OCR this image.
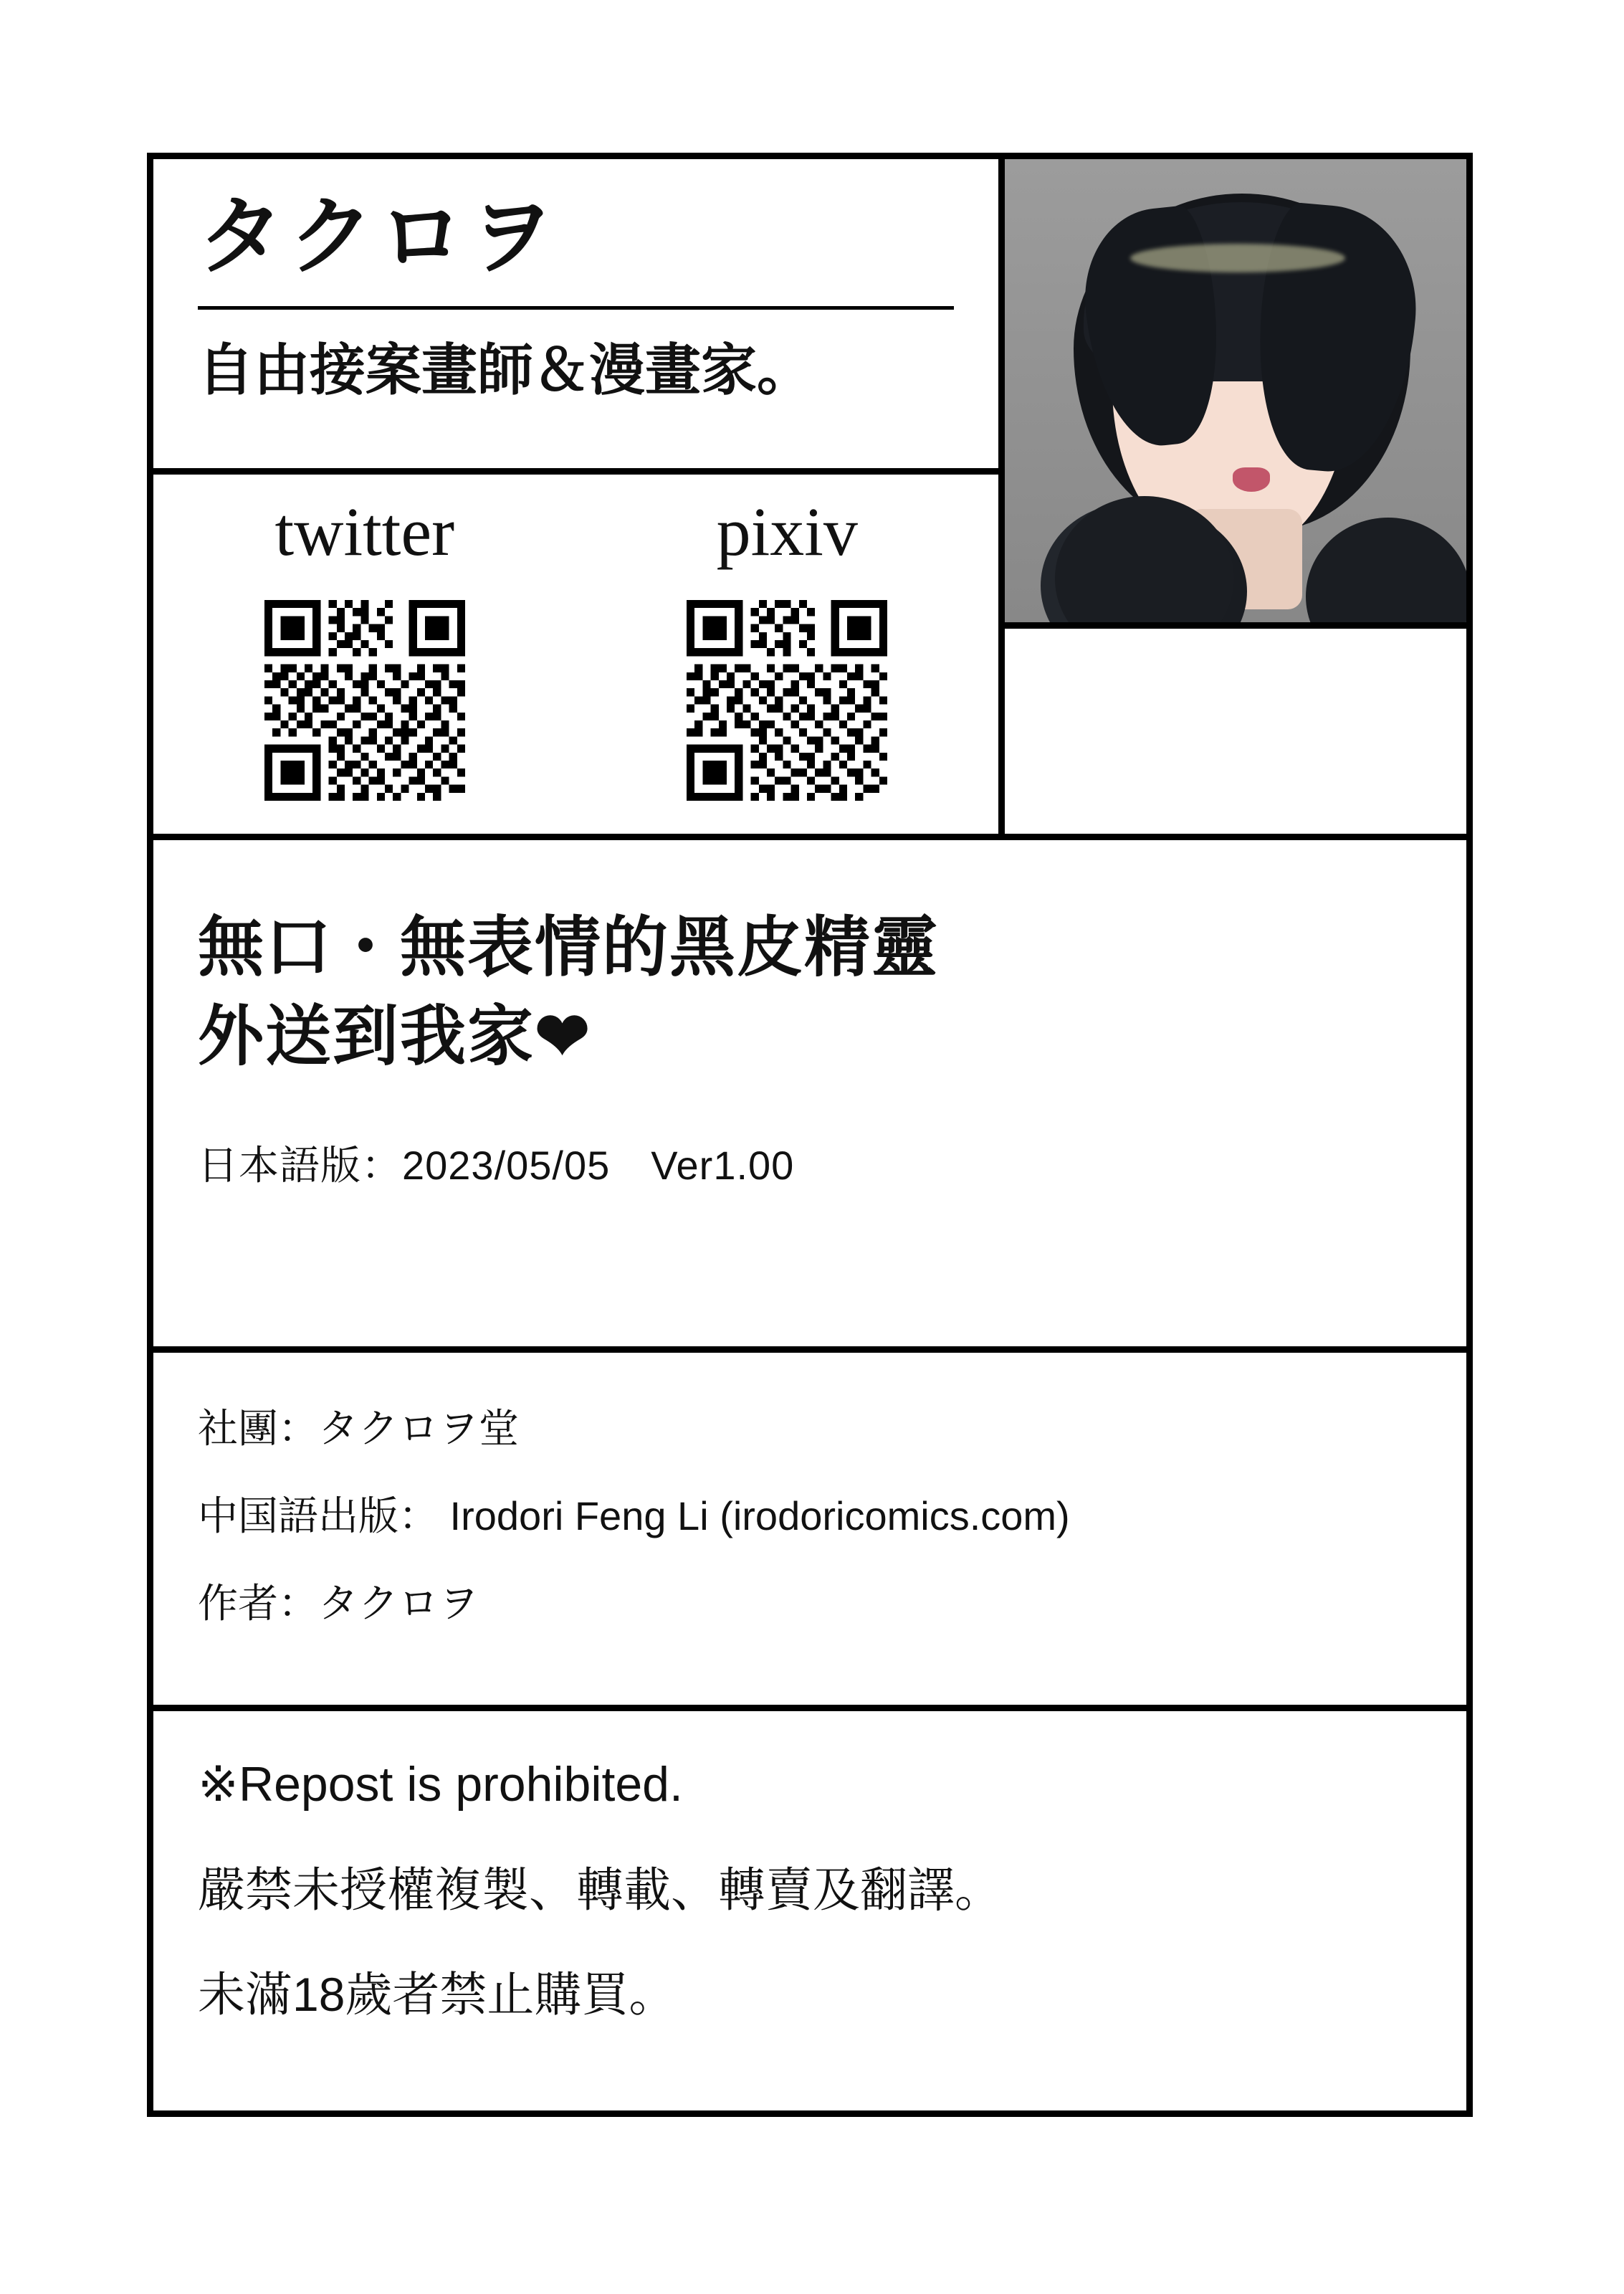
タクロヲ
自由接案畫師＆漫畫家。
twitter	pixiv
無口・無表情的黑皮精靈
外送到我家❤
日本語版：2023/05/05　Ver1.00
社團：タクロヲ堂
中国語出版： Irodori Feng Li (irodoricomics.com)
作者：タクロヲ
※Repost is prohibited.
嚴禁未授權複製、轉載、轉賣及翻譯。
未滿18歲者禁止購買。
